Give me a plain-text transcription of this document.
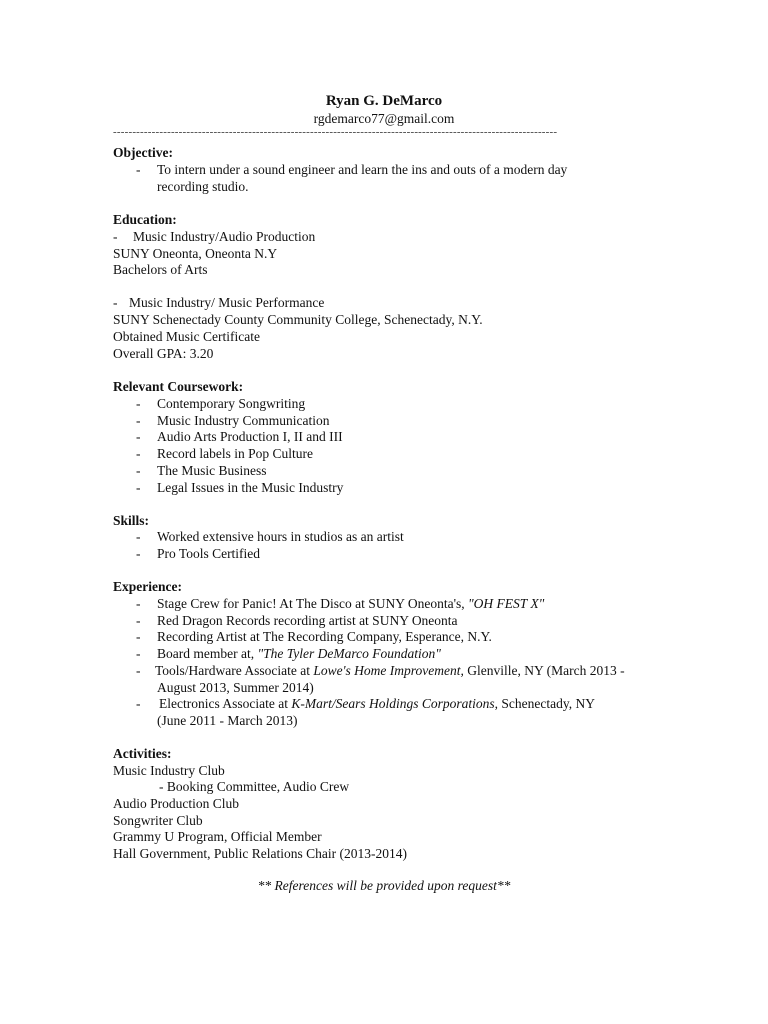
Ryan G. DeMarco
rgdemarco77@gmail.com
-------------------------------------------------------------------------------------------------------------------
Objective:
- To intern under a sound engineer and learn the ins and outs of a modern day
recording studio.
Education:
- Music Industry/Audio Production
SUNY Oneonta, Oneonta N.Y
Bachelors of Arts
- Music Industry/ Music Performance
SUNY Schenectady County Community College, Schenectady, N.Y.
Obtained Music Certificate
Overall GPA: 3.20
Relevant Coursework:
- Contemporary Songwriting
- Music Industry Communication
- Audio Arts Production I, II and III
- Record labels in Pop Culture
- The Music Business
- Legal Issues in the Music Industry
Skills:
- Worked extensive hours in studios as an artist
- Pro Tools Certified
Experience:
- Stage Crew for Panic! At The Disco at SUNY Oneonta's, "OH FEST X"
- Red Dragon Records recording artist at SUNY Oneonta
- Recording Artist at The Recording Company, Esperance, N.Y.
- Board member at, "The Tyler DeMarco Foundation"
- Tools/Hardware Associate at Lowe's Home Improvement, Glenville, NY (March 2013 -
August 2013, Summer 2014)
- Electronics Associate at K-Mart/Sears Holdings Corporations, Schenectady, NY
(June 2011 - March 2013)
Activities:
Music Industry Club
- Booking Committee, Audio Crew
Audio Production Club
Songwriter Club
Grammy U Program, Official Member
Hall Government, Public Relations Chair (2013-2014)
** References will be provided upon request**
